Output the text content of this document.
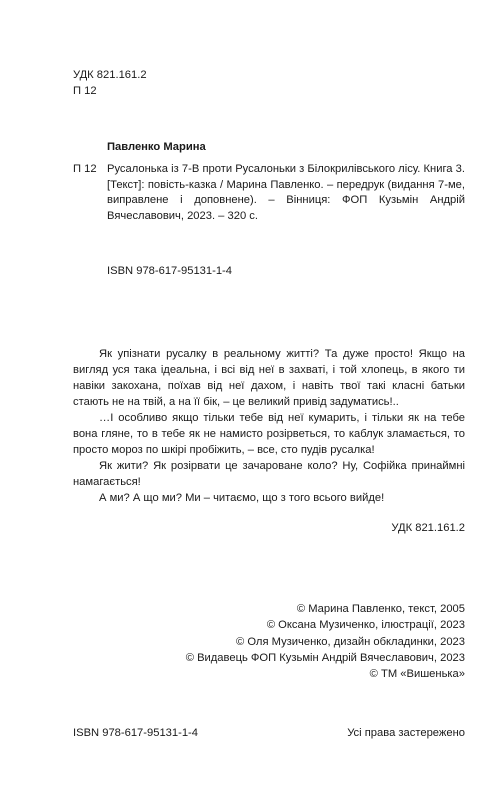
УДК 821.161.2
П 12
Павленко Марина
П 12 Русалонька із 7-В проти Русалоньки з Білокрилівського лісу. Книга 3. [Текст]: повість-казка / Марина Павленко. – передрук (видання 7-ме, виправлене і доповнене). – Вінниця: ФОП Кузьмін Андрій Вячеславович, 2023. – 320 с.
ISBN 978-617-95131-1-4

Як упізнати русалку в реальному житті? Та дуже просто! Якщо на вигляд уся така ідеальна, і всі від неї в захваті, і той хлопець, в якого ти навіки закохана, поїхав від неї дахом, і навіть твої такі класні батьки стають не на твій, а на її бік, – це великий привід задуматись!..

…І особливо якщо тільки тебе від неї кумарить, і тільки як на тебе вона гляне, то в тебе як не намисто розірветься, то каблук зламається, то просто мороз по шкірі пробіжить, – все, сто пудів русалка!

Як жити? Як розірвати це зачароване коло? Ну, Софійка принаймні намагається!

А ми? А що ми? Ми – читаємо, що з того всього вийде!

УДК 821.161.2
© Марина Павленко, текст, 2005
© Оксана Музиченко, ілюстрації, 2023
© Оля Музиченко, дизайн обкладинки, 2023
© Видавець ФОП Кузьмін Андрій Вячеславович, 2023
© ТМ «Вишенька»
ISBN 978-617-95131-1-4	Усі права застережено
